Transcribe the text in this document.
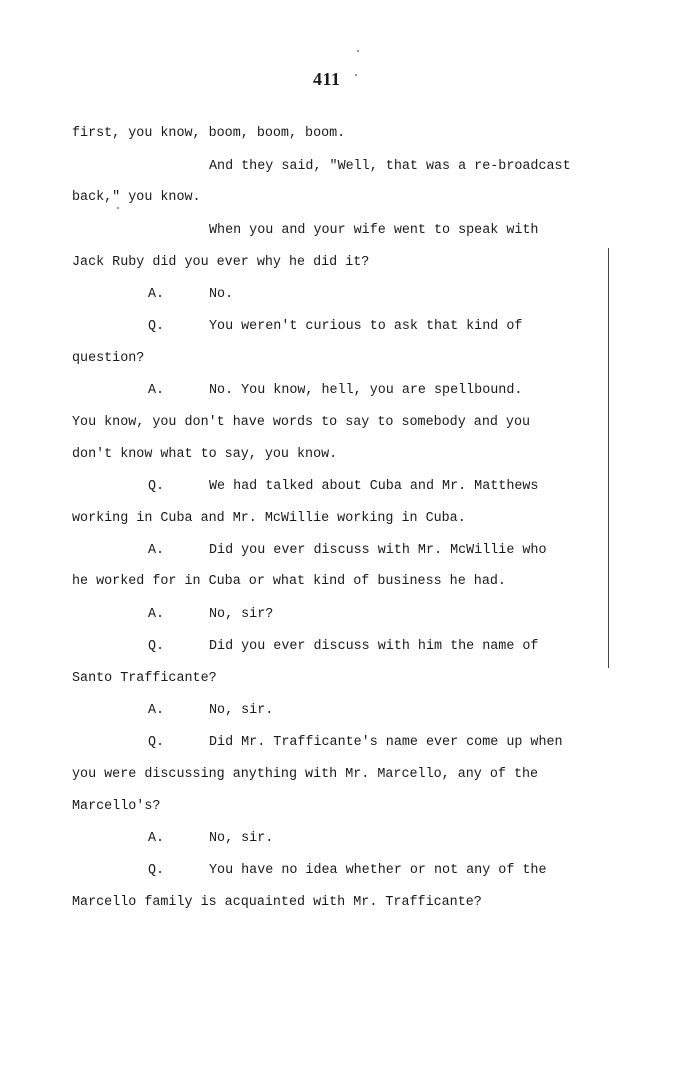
411
first, you know, boom, boom, boom.
And they said, "Well, that was a re-broadcast
back," you know.
When you and your wife went to speak with
Jack Ruby did you ever why he did it?
A.	No.
Q.	You weren't curious to ask that kind of
question?
A.	No. You know, hell, you are spellbound.
You know, you don't have words to say to somebody and you
don't know what to say, you know.
Q.	We had talked about Cuba and Mr. Matthews
working in Cuba and Mr. McWillie working in Cuba.
A.	Did you ever discuss with Mr. McWillie who
he worked for in Cuba or what kind of business he had.
A.	No, sir?
Q.	Did you ever discuss with him the name of
Santo Trafficante?
A.	No, sir.
Q.	Did Mr. Trafficante's name ever come up when
you were discussing anything with Mr. Marcello, any of the
Marcello's?
A.	No, sir.
Q.	You have no idea whether or not any of the
Marcello family is acquainted with Mr. Trafficante?
